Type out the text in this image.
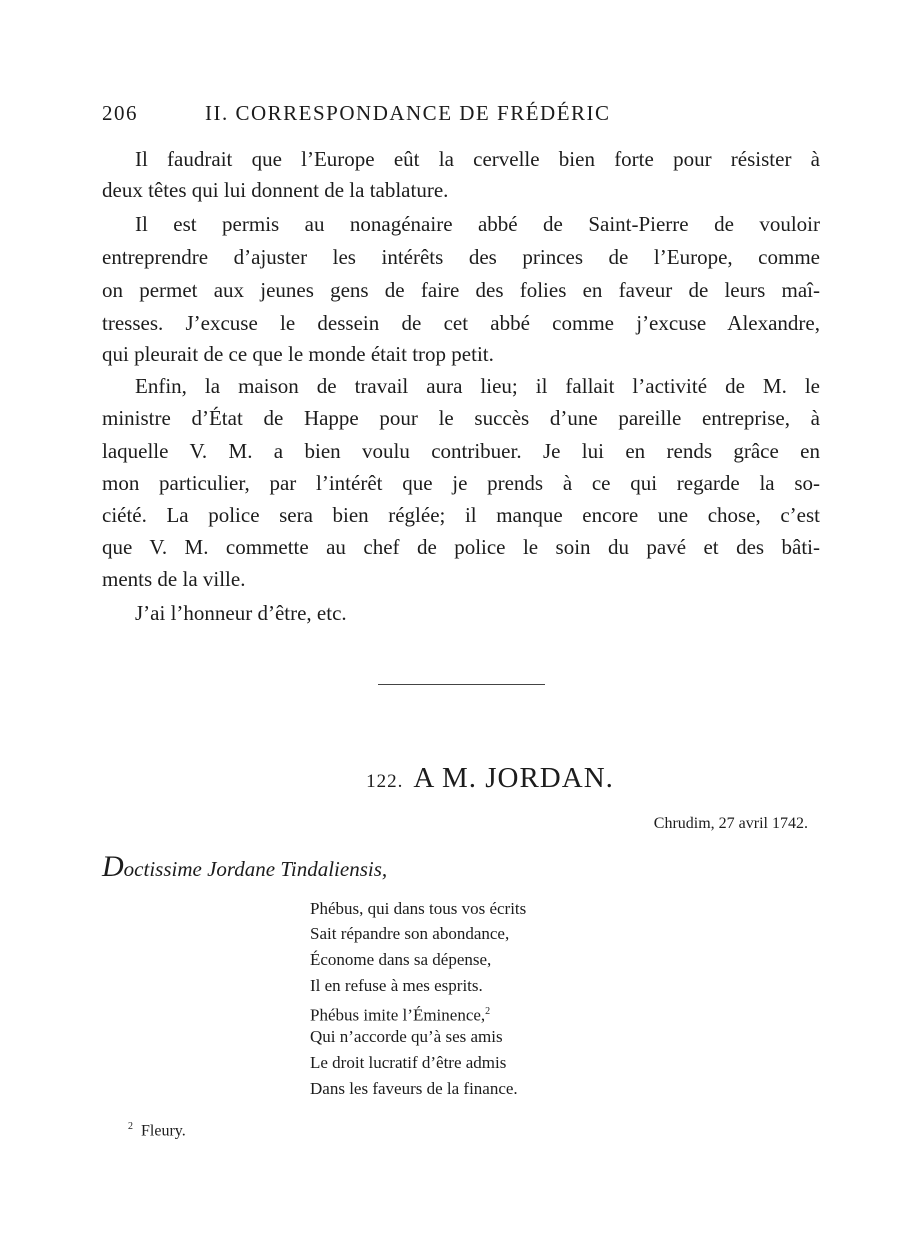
206	II. CORRESPONDANCE DE FRÉDÉRIC
Il faudrait que l’Europe eût la cervelle bien forte pour résister à
deux têtes qui lui donnent de la tablature.
Il est permis au nonagénaire abbé de Saint-Pierre de vouloir
entreprendre d’ajuster les intérêts des princes de l’Europe, comme
on permet aux jeunes gens de faire des folies en faveur de leurs maî-
tresses. J’excuse le dessein de cet abbé comme j’excuse Alexandre,
qui pleurait de ce que le monde était trop petit.
Enfin, la maison de travail aura lieu; il fallait l’activité de M. le
ministre d’État de Happe pour le succès d’une pareille entreprise, à
laquelle V. M. a bien voulu contribuer. Je lui en rends grâce en
mon particulier, par l’intérêt que je prends à ce qui regarde la so-
ciété. La police sera bien réglée; il manque encore une chose, c’est
que V. M. commette au chef de police le soin du pavé et des bâti-
ments de la ville.
J’ai l’honneur d’être, etc.
122. A M. JORDAN.
Chrudim, 27 avril 1742.
Doctissime Jordane Tindaliensis,
Phébus, qui dans tous vos écrits
Sait répandre son abondance,
Économe dans sa dépense,
Il en refuse à mes esprits.
Phébus imite l’Éminence,$^2$
Qui n’accorde qu’à ses amis
Le droit lucratif d’être admis
Dans les faveurs de la finance.
$^2$ Fleury.
